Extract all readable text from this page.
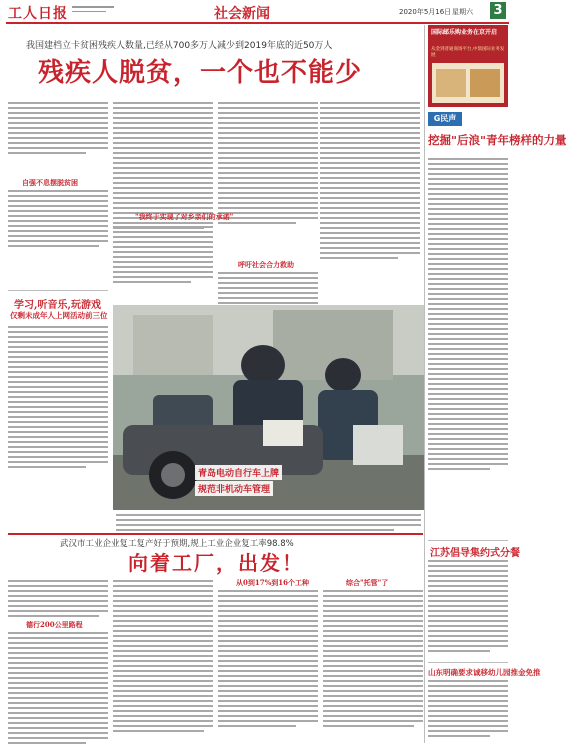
工人日报	社会新闻	2020年5月16日 星期六 3
我国建档立卡贫困残疾人数量,已经从700多万人减少到2019年底的近50万人
残疾人脱贫，一个也不能少
自强不息摆脱贫困
学习,听音乐,玩游戏
仅剩未成年人上网活动前三位
"我终于实现了对乡亲们的承诺"
呼吁社会合力救助
青岛电动自行车上牌
规范非机动车管理
国际邮乐购业务在京开启
从金到普通商场平台,中鼎国际业务发展
G民声
挖掘"后浪"青年榜样的力量
江苏倡导集约式分餐
山东明确要求诚移幼儿园推金免推
武汉市工业企业复工复产好于预期,规上工业企业复工率98.8%
向着工厂，出发！
德行200公里路程
从0到17%到16个工种	综合"托管"了
